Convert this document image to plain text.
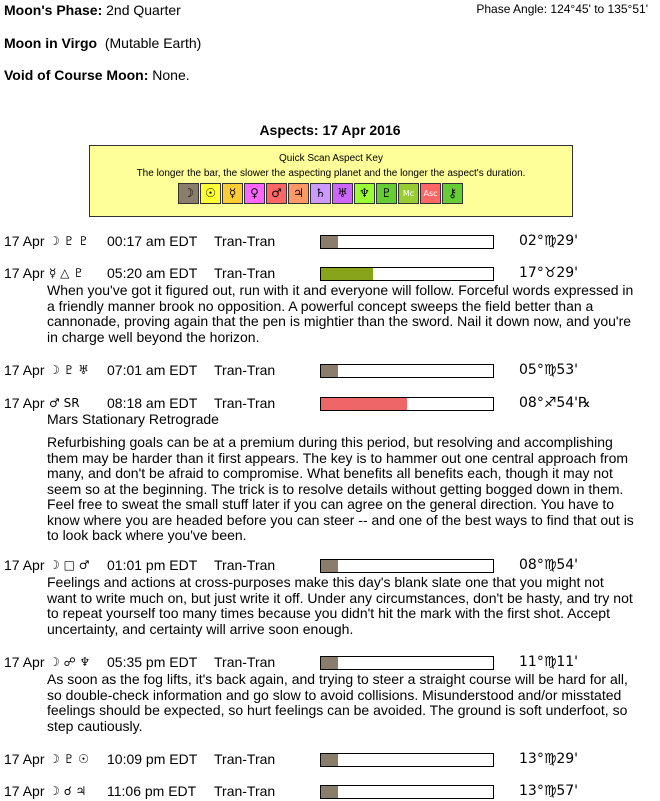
Moon's Phase: 2nd Quarter	Phase Angle: 124°45' to 135°51'
Moon in Virgo (Mutable Earth)
Void of Course Moon: None.
Aspects: 17 Apr 2016
Quick Scan Aspect Key
The longer the bar, the slower the aspecting planet and the longer the aspect's duration.
☽ ☉	☿	♀	♂ ♃ ♄ ♅ ♆ ♇	Mc	Asc ⚷
17 Apr ☽ ♇ ♇ 00:17 am EDT Tran-Tran	02°♍29'
17 Apr ☿ △ ♇ 05:20 am EDT Tran-Tran	17°♉29'
When you've got it figured out, run with it and everyone will follow. Forceful words expressed in a friendly manner brook no opposition. A powerful concept sweeps the field better than a cannonade, proving again that the pen is mightier than the sword. Nail it down now, and you're in charge well beyond the horizon.
17 Apr ☽ ♇ ♅ 07:01 am EDT Tran-Tran	05°♍53'
17 Apr ♂ SR 08:18 am EDT Tran-Tran	08°♐54'℞
Mars Stationary Retrograde
Refurbishing goals can be at a premium during this period, but resolving and accomplishing them may be harder than it first appears. The key is to hammer out one central approach from many, and don't be afraid to compromise. What benefits all benefits each, though it may not seem so at the beginning. The trick is to resolve details without getting bogged down in them. Feel free to sweat the small stuff later if you can agree on the general direction. You have to know where you are headed before you can steer -- and one of the best ways to find that out is to look back where you've been.
17 Apr ☽ □ ♂ 01:01 pm EDT Tran-Tran	08°♍54'
Feelings and actions at cross-purposes make this day's blank slate one that you might not want to write much on, but just write it off. Under any circumstances, don't be hasty, and try not to repeat yourself too many times because you didn't hit the mark with the first shot. Accept uncertainty, and certainty will arrive soon enough.
17 Apr ☽ ☍ ♆ 05:35 pm EDT Tran-Tran	11°♍11'
As soon as the fog lifts, it's back again, and trying to steer a straight course will be hard for all, so double-check information and go slow to avoid collisions. Misunderstood and/or misstated feelings should be expected, so hurt feelings can be avoided. The ground is soft underfoot, so step cautiously.
17 Apr ☽ ♇ ☉ 10:09 pm EDT Tran-Tran	13°♍29'
17 Apr ☽ ☌ ♃ 11:06 pm EDT Tran-Tran	13°♍57'
